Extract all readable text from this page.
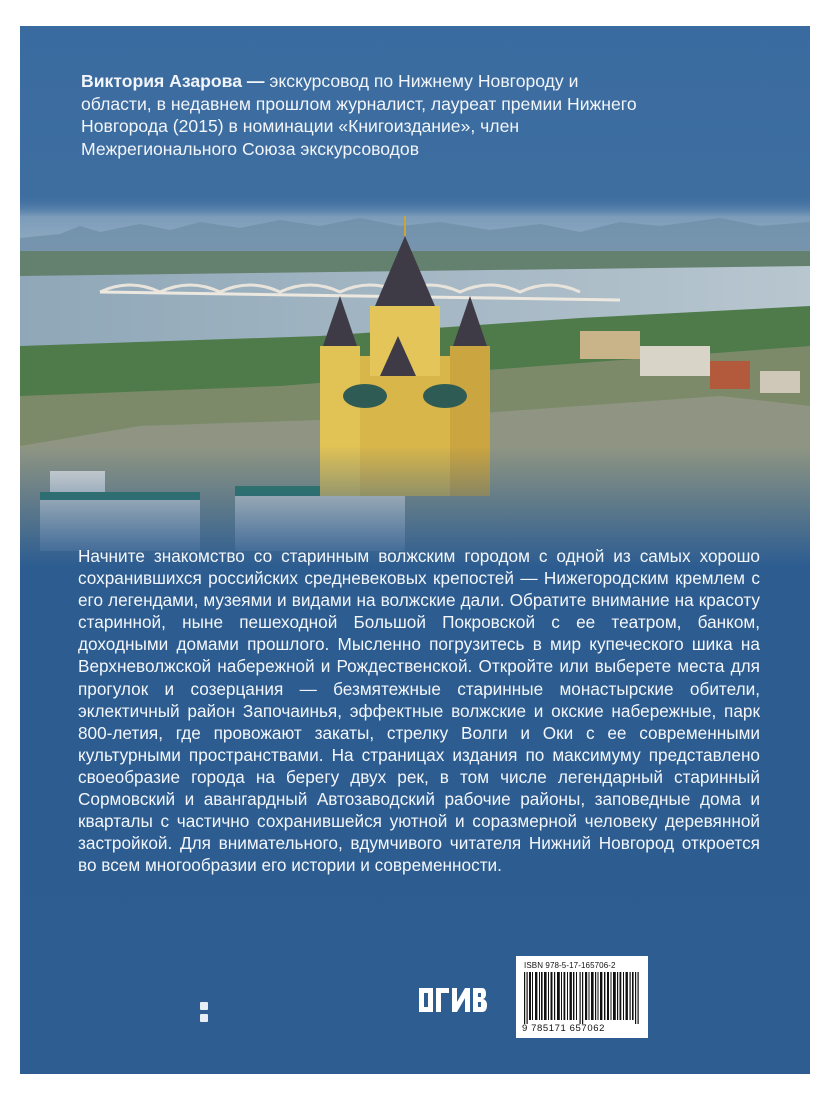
Виктория Азарова — экскурсовод по Нижнему Новгороду и области, в недавнем прошлом журналист, лауреат премии Нижнего Новгорода (2015) в номинации «Книгоиздание», член Межрегионального Союза экскурсоводов

Начните знакомство со старинным волжским городом с одной из самых хорошо сохранившихся российских средневековых крепостей — Нижегородским кремлем с его легендами, музеями и видами на волжские дали. Обратите внимание на красоту старинной, ныне пешеходной Большой Покровской с ее театром, банком, доходными домами прошлого. Мысленно погрузитесь в мир купеческого шика на Верхневолжской набережной и Рождественской. Откройте или выберете места для прогулок и созерцания — безмятежные старинные монастырские обители, эклектичный район Започаинья, эффектные волжские и окские набережные, парк 800-летия, где провожают закаты, стрелку Волги и Оки с ее современными культурными пространствами. На страницах издания по максимуму представлено своеобразие города на берегу двух рек, в том числе легендарный старинный Сормовский и авангардный Автозаводский рабочие районы, заповедные дома и кварталы с частично сохранившейся уютной и соразмерной человеку деревянной застройкой. Для внимательного, вдумчивого читателя Нижний Новгород откроется во всем многообразии его истории и современности.

ISBN 978-5-17-165706-2
9 785171 657062
